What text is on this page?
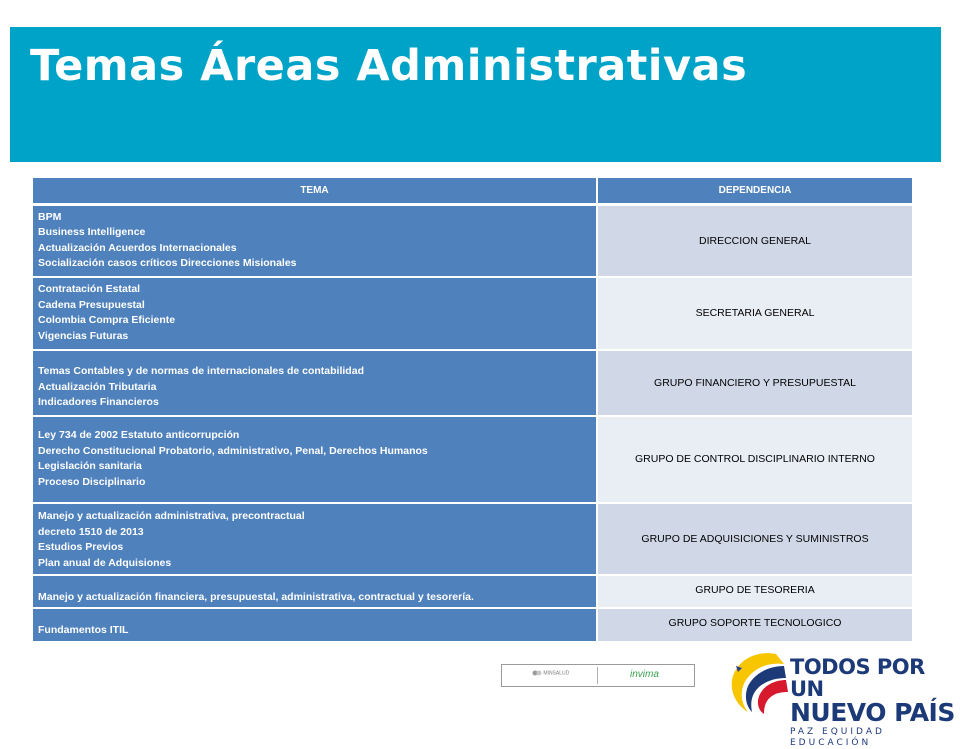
Temas Áreas Administrativas
TEMA	DEPENDENCIA

BPM
Business Intelligence
Actualización Acuerdos Internacionales
Socialización casos críticos Direcciones Misionales	DIRECCION GENERAL

Contratación Estatal
Cadena Presupuestal
Colombia Compra Eficiente
Vigencias Futuras	SECRETARIA GENERAL

Temas Contables y de normas de internacionales de contabilidad
Actualización Tributaria
Indicadores Financieros	GRUPO FINANCIERO Y PRESUPUESTAL

Ley 734 de 2002 Estatuto anticorrupción
Derecho Constitucional Probatorio, administrativo, Penal, Derechos Humanos
Legislación sanitaria
Proceso Disciplinario	GRUPO DE CONTROL DISCIPLINARIO INTERNO

Manejo y actualización administrativa, precontractual
decreto 1510 de 2013
Estudios Previos
Plan anual de Adquisiones	GRUPO DE ADQUISICIONES Y SUMINISTROS

Manejo y actualización financiera, presupuestal, administrativa, contractual y tesorería.	GRUPO DE TESORERIA

Fundamentos ITIL	GRUPO SOPORTE TECNOLOGICO
MINSALUD	invima	TODOS POR UN
NUEVO PAÍS
PAZ EQUIDAD EDUCACIÓN
